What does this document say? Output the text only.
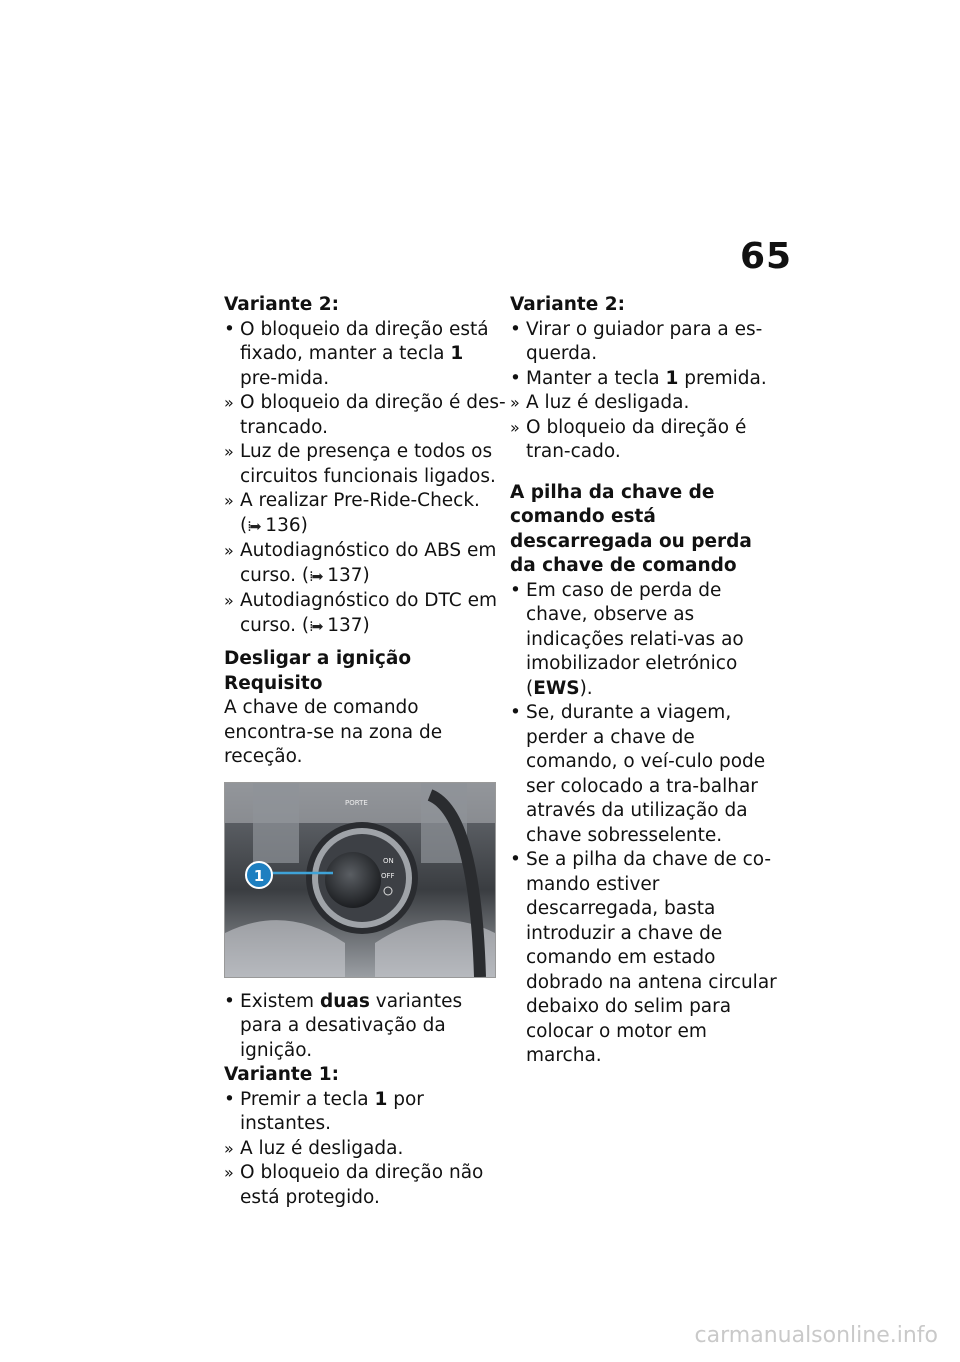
65

Variante 2:

• O bloqueio da direção está fixado, manter a tecla 1 pre-mida.
» O bloqueio da direção é des-trancado.
» Luz de presença e todos os circuitos funcionais ligados.
» A realizar Pre-Ride-Check. (⁞➡ 136)
» Autodiagnóstico do ABS em curso. (⁞➡ 137)
» Autodiagnóstico do DTC em curso. (⁞➡ 137)

Desligar a ignição

Requisito

A chave de comando encontra-se na zona de receção.

PORTE
ON
OFF
1
• Existem duas variantes para a desativação da ignição.

Variante 1:

• Premir a tecla 1 por instantes.
» A luz é desligada.
» O bloqueio da direção não está protegido.

Variante 2:

• Virar o guiador para a es-querda.
• Manter a tecla 1 premida.
» A luz é desligada.
» O bloqueio da direção é tran-cado.

A pilha da chave de comando está descarregada ou perda da chave de comando

• Em caso de perda de chave, observe as indicações relati-vas ao imobilizador eletrónico (EWS).
• Se, durante a viagem, perder a chave de comando, o veí-culo pode ser colocado a tra-balhar através da utilização da chave sobresselente.
• Se a pilha da chave de co-mando estiver descarregada, basta introduzir a chave de comando em estado dobrado na antena circular debaixo do selim para colocar o motor em marcha.
carmanualsonline.info
